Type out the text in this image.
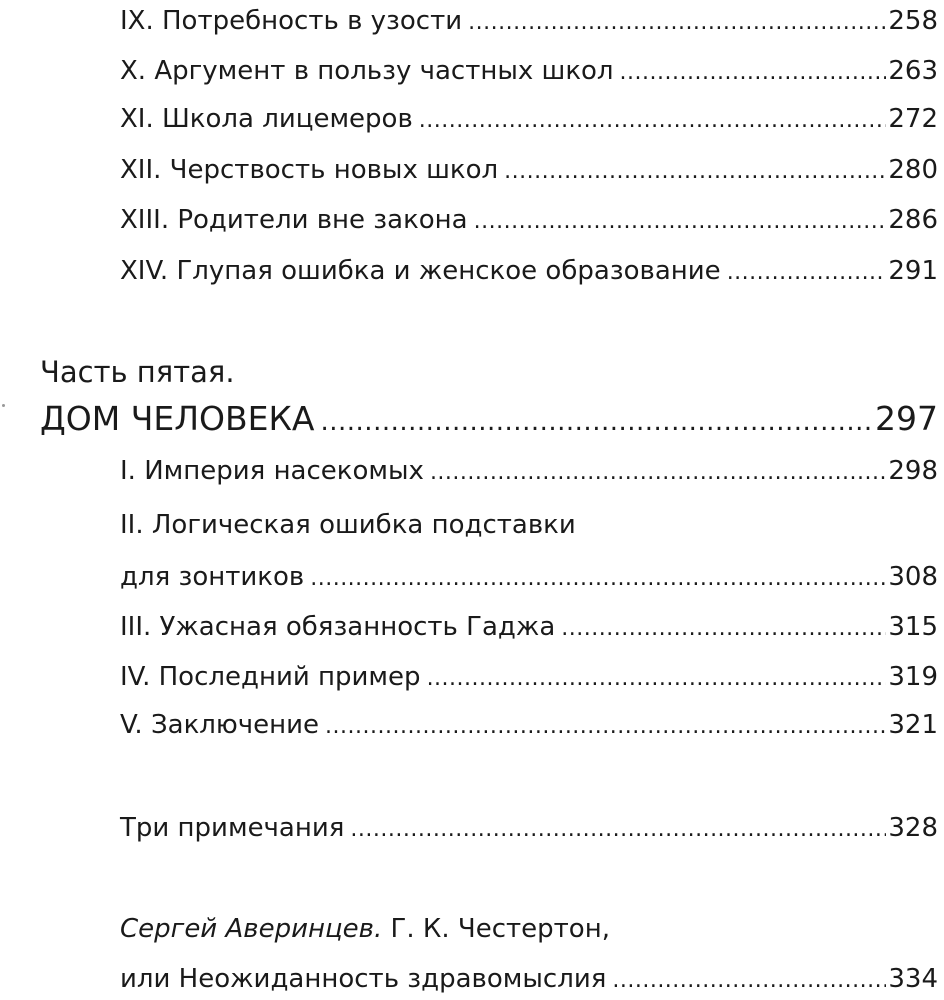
IX. Потребность в узости .....	258
X. Аргумент в пользу частных школ .....	263
XI. Школа лицемеров .....	272
XII. Черствость новых школ .....	280
XIII. Родители вне закона .....	286
XIV. Глупая ошибка и женское образование .....	291
Часть пятая.
ДОМ ЧЕЛОВЕКА .....	297
I. Империя насекомых .....	298
II. Логическая ошибка подставки
для зонтиков .....	308
III. Ужасная обязанность Гаджа .....	315
IV. Последний пример .....	319
V. Заключение .....	321
Три примечания .....	328
Сергей Аверинцев. Г. К. Честертон,
или Неожиданность здравомыслия .....	334
